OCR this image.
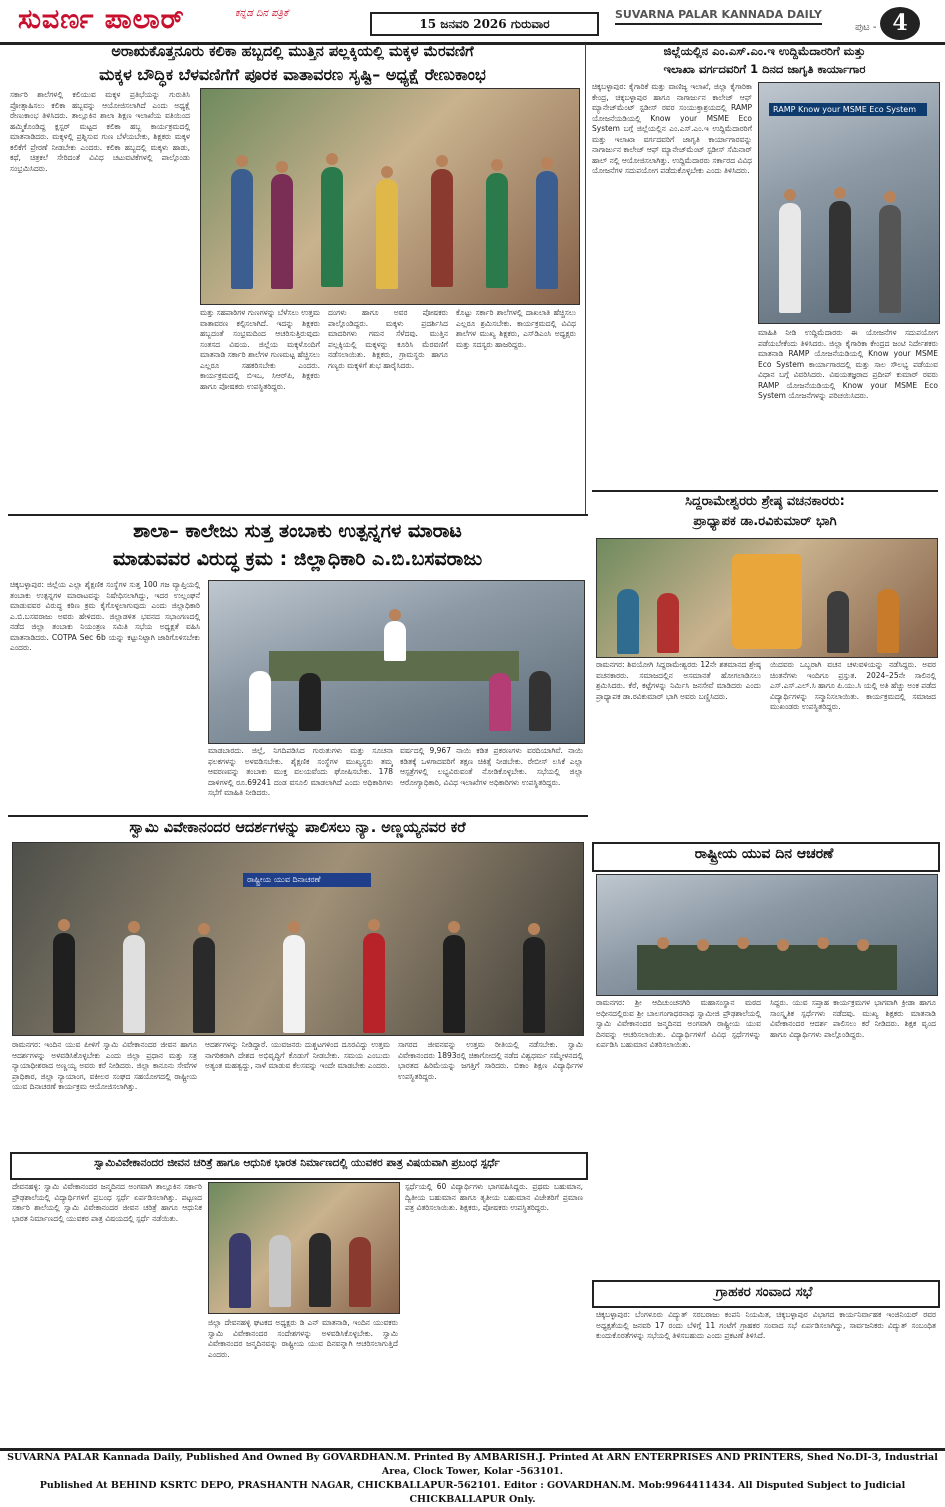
ಸುವರ್ಣ ಪಾಲಾರ್	ಕನ್ನಡ ದಿನ ಪತ್ರಿಕೆ
15 ಜನವರಿ 2026 ಗುರುವಾರ
SUVARNA PALAR KANNADA DAILY
ಪುಟ - 4
ಅರಾಋಕೊತ್ತನೂರು ಕಲಿಕಾ ಹಬ್ಬದಲ್ಲಿ ಮುತ್ತಿನ ಪಲ್ಲಕ್ಕಿಯಲ್ಲಿ ಮಕ್ಕಳ ಮೆರವಣಿಗೆ
ಮಕ್ಕಳ ಬೌದ್ಧಿಕ ಬೆಳವಣಿಗೆಗೆ ಪೂರಕ ವಾತಾವರಣ ಸೃಷ್ಟಿ– ಅಧ್ಯಕ್ಷೆ ರೇಣುಕಾಂಭ
ಸರ್ಕಾರಿ ಶಾಲೆಗಳಲ್ಲಿ ಕಲಿಯುವ ಮಕ್ಕಳ ಪ್ರತಿಭೆಯನ್ನು ಗುರುತಿಸಿ ಪ್ರೋತ್ಸಾಹಿಸಲು ಕಲಿಕಾ ಹಬ್ಬವನ್ನು ಆಯೋಜಿಸಲಾಗಿದೆ ಎಂದು ಅಧ್ಯಕ್ಷೆ ರೇಣುಕಾಂಭ ತಿಳಿಸಿದರು. ತಾಲ್ಲೂಕಿನ ಶಾಲಾ ಶಿಕ್ಷಣ ಇಲಾಖೆಯ ವತಿಯಿಂದ ಹಮ್ಮಿಕೊಂಡಿದ್ದ ಕ್ಲಸ್ಟರ್ ಮಟ್ಟದ ಕಲಿಕಾ ಹಬ್ಬ ಕಾರ್ಯಕ್ರಮದಲ್ಲಿ ಮಾತನಾಡಿದರು. ಮಕ್ಕಳಲ್ಲಿ ಪ್ರಶ್ನಿಸುವ ಗುಣ ಬೆಳೆಯಬೇಕು, ಶಿಕ್ಷಕರು ಮಕ್ಕಳ ಕಲಿಕೆಗೆ ಪ್ರೇರಣೆ ನೀಡಬೇಕು ಎಂದರು. ಕಲಿಕಾ ಹಬ್ಬದಲ್ಲಿ ಮಕ್ಕಳು ಹಾಡು, ಕಥೆ, ಚಿತ್ರಕಲೆ ಸೇರಿದಂತೆ ವಿವಿಧ ಚಟುವಟಿಕೆಗಳಲ್ಲಿ ಪಾಲ್ಗೊಂಡು ಸಂಭ್ರಮಿಸಿದರು.
ಮತ್ತು ಸಹಪಾಠಿಗಳ ಗುಣಗಳನ್ನು ಬೆಳೆಸಲು ಉತ್ತಮ ವಾತಾವರಣ ಕಲ್ಪಿಸಲಾಗಿದೆ. ಇದನ್ನು ಶಿಕ್ಷಕರು ಹಬ್ಬದಂತೆ ಸಂಭ್ರಮದಿಂದ ಆಚರಿಸುತ್ತಿರುವುದು ಸಂತಸದ ವಿಷಯ. ಜಿಲ್ಲೆಯ ಮಕ್ಕಳೊಂದಿಗೆ ಮಾತನಾಡಿ ಸರ್ಕಾರಿ ಶಾಲೆಗಳ ಗುಣಮಟ್ಟ ಹೆಚ್ಚಿಸಲು ಎಲ್ಲರೂ ಸಹಕರಿಸಬೇಕು ಎಂದರು. ಕಾರ್ಯಕ್ರಮದಲ್ಲಿ ಬಿಇಒ, ಸಿಆರ್‌ಪಿ, ಶಿಕ್ಷಕರು ಹಾಗೂ ಪೋಷಕರು ಉಪಸ್ಥಿತರಿದ್ದರು.
ದಂಗಳು ಹಾಗೂ ಅವರ ಪೋಷಕರು ಪಾಲ್ಗೊಂಡಿದ್ದರು. ಮಕ್ಕಳು ಪ್ರದರ್ಶಿಸಿದ ಮಾದರಿಗಳು ಗಮನ ಸೆಳೆದವು. ಮುತ್ತಿನ ಪಲ್ಲಕ್ಕಿಯಲ್ಲಿ ಮಕ್ಕಳನ್ನು ಕೂರಿಸಿ ಮೆರವಣಿಗೆ ನಡೆಸಲಾಯಿತು. ಶಿಕ್ಷಕರು, ಗ್ರಾಮಸ್ಥರು ಹಾಗೂ ಗಣ್ಯರು ಮಕ್ಕಳಿಗೆ ಶುಭ ಹಾರೈಸಿದರು.
ಕೊಟ್ಟು ಸರ್ಕಾರಿ ಶಾಲೆಗಳಲ್ಲಿ ದಾಖಲಾತಿ ಹೆಚ್ಚಿಸಲು ಎಲ್ಲರೂ ಶ್ರಮಿಸಬೇಕು. ಕಾರ್ಯಕ್ರಮದಲ್ಲಿ ವಿವಿಧ ಶಾಲೆಗಳ ಮುಖ್ಯ ಶಿಕ್ಷಕರು, ಎಸ್‌ಡಿಎಂಸಿ ಅಧ್ಯಕ್ಷರು ಮತ್ತು ಸದಸ್ಯರು ಹಾಜರಿದ್ದರು.
ಜಿಲ್ಲೆಯಲ್ಲಿನ ಎಂ.ಎಸ್.ಎಂ.ಇ ಉದ್ದಿಮೆದಾರರಿಗೆ ಮತ್ತು
ಇಲಾಖಾ ವರ್ಗದವರಿಗೆ 1 ದಿನದ ಜಾಗೃತಿ ಕಾರ್ಯಾಗಾರ
ಚಿಕ್ಕಬಳ್ಳಾಪುರ: ಕೈಗಾರಿಕೆ ಮತ್ತು ವಾಣಿಜ್ಯ ಇಲಾಖೆ, ಜಿಲ್ಲಾ ಕೈಗಾರಿಕಾ ಕೇಂದ್ರ, ಚಿಕ್ಕಬಳ್ಳಾಪುರ ಹಾಗೂ ನಾಗಾರ್ಜುನ ಕಾಲೇಜ್ ಆಫ್ ಮ್ಯಾನೇಜ್‌ಮೆಂಟ್ ಸ್ಟಡೀಸ್ ರವರ ಸಂಯುಕ್ತಾಶ್ರಯದಲ್ಲಿ RAMP ಯೋಜನೆಯಡಿಯಲ್ಲಿ Know your MSME Eco System ಬಗ್ಗೆ ಜಿಲ್ಲೆಯಲ್ಲಿನ ಎಂ.ಎಸ್.ಎಂ.ಇ ಉದ್ದಿಮೆದಾರರಿಗೆ ಮತ್ತು ಇಲಾಖಾ ವರ್ಗದವರಿಗೆ ಜಾಗೃತಿ ಕಾರ್ಯಾಗಾರವನ್ನು ನಾಗಾರ್ಜುನ ಕಾಲೇಜ್ ಆಫ್ ಮ್ಯಾನೇಜ್‌ಮೆಂಟ್ ಸ್ಟಡೀಸ್ ಸೆಮಿನಾರ್ ಹಾಲ್ ನಲ್ಲಿ ಆಯೋಜಿಸಲಾಗಿತ್ತು. ಉದ್ದಿಮೆದಾರರು ಸರ್ಕಾರದ ವಿವಿಧ ಯೋಜನೆಗಳ ಸದುಪಯೋಗ ಪಡೆದುಕೊಳ್ಳಬೇಕು ಎಂದು ತಿಳಿಸಿದರು.
RAMP Know your MSME Eco System
ಮಾಹಿತಿ ನೀಡಿ ಉದ್ದಿಮೆದಾರರು ಈ ಯೋಜನೆಗಳ ಸದುಪಯೋಗ ಪಡೆಯಬೇಕೆಂದು ತಿಳಿಸಿದರು. ಜಿಲ್ಲಾ ಕೈಗಾರಿಕಾ ಕೇಂದ್ರದ ಜಂಟಿ ನಿರ್ದೇಶಕರು ಮಾತನಾಡಿ RAMP ಯೋಜನೆಯಡಿಯಲ್ಲಿ Know your MSME Eco System ಕಾರ್ಯಾಗಾರದಲ್ಲಿ ಮತ್ತು ಸಾಲ ಸೌಲಭ್ಯ ಪಡೆಯುವ ವಿಧಾನ ಬಗ್ಗೆ ವಿವರಿಸಿದರು. ವಿಷಯತಜ್ಞರಾದ ಪ್ರದೀಪ್ ಕುಮಾರ್ ರವರು RAMP ಯೋಜನೆಯಡಿಯಲ್ಲಿ Know your MSME Eco System ಯೋಜನೆಗಳನ್ನು ಪರಿಚಯಿಸಿದರು.
ಶಾಲಾ– ಕಾಲೇಜು ಸುತ್ತ ತಂಬಾಕು ಉತ್ಪನ್ನಗಳ ಮಾರಾಟ
ಮಾಡುವವರ ವಿರುದ್ಧ ಕ್ರಮ : ಜಿಲ್ಲಾಧಿಕಾರಿ ಎ.ಬಿ.ಬಸವರಾಜು
ಚಿಕ್ಕಬಳ್ಳಾಪುರ: ಜಿಲ್ಲೆಯ ಎಲ್ಲಾ ಶೈಕ್ಷಣಿಕ ಸಂಸ್ಥೆಗಳ ಸುತ್ತ 100 ಗಜ ವ್ಯಾಪ್ತಿಯಲ್ಲಿ ತಂಬಾಕು ಉತ್ಪನ್ನಗಳ ಮಾರಾಟವನ್ನು ನಿಷೇಧಿಸಲಾಗಿದ್ದು, ಇದರ ಉಲ್ಲಂಘನೆ ಮಾಡುವವರ ವಿರುದ್ಧ ಕಠಿಣ ಕ್ರಮ ಕೈಗೊಳ್ಳಲಾಗುವುದು ಎಂದು ಜಿಲ್ಲಾಧಿಕಾರಿ ಎ.ಬಿ.ಬಸವರಾಜು ಅವರು ಹೇಳಿದರು. ಜಿಲ್ಲಾಡಳಿತ ಭವನದ ಸಭಾಂಗಣದಲ್ಲಿ ನಡೆದ ಜಿಲ್ಲಾ ತಂಬಾಕು ನಿಯಂತ್ರಣ ಸಮಿತಿ ಸಭೆಯ ಅಧ್ಯಕ್ಷತೆ ವಹಿಸಿ ಮಾತನಾಡಿದರು. COTPA Sec 6b ಯನ್ನು ಕಟ್ಟುನಿಟ್ಟಾಗಿ ಜಾರಿಗೊಳಿಸಬೇಕು ಎಂದರು.
ಮಾಡಬಾರದು. ಜಿಲ್ಲೆ, ನಿಗದಿಪಡಿಸಿದ ಗುರುತುಗಳು ಮತ್ತು ಸೂಚನಾ ಫಲಕಗಳನ್ನು ಅಳವಡಿಸಬೇಕು. ಶೈಕ್ಷಣಿಕ ಸಂಸ್ಥೆಗಳ ಮುಖ್ಯಸ್ಥರು ತಮ್ಮ ಆವರಣವನ್ನು ತಂಬಾಕು ಮುಕ್ತ ವಲಯವೆಂದು ಘೋಷಿಸಬೇಕು. 178 ದಾಳಿಗಳಲ್ಲಿ ರೂ.69241 ದಂಡ ವಸೂಲಿ ಮಾಡಲಾಗಿದೆ ಎಂದು ಅಧಿಕಾರಿಗಳು ಸಭೆಗೆ ಮಾಹಿತಿ ನೀಡಿದರು.
ವರ್ಷದಲ್ಲಿ 9,967 ನಾಯಿ ಕಡಿತ ಪ್ರಕರಣಗಳು ವರದಿಯಾಗಿವೆ. ನಾಯಿ ಕಡಿತಕ್ಕೆ ಒಳಗಾದವರಿಗೆ ತಕ್ಷಣ ಚಿಕಿತ್ಸೆ ನೀಡಬೇಕು. ರೇಬೀಸ್ ಲಸಿಕೆ ಎಲ್ಲಾ ಆಸ್ಪತ್ರೆಗಳಲ್ಲಿ ಲಭ್ಯವಿರುವಂತೆ ನೋಡಿಕೊಳ್ಳಬೇಕು. ಸಭೆಯಲ್ಲಿ ಜಿಲ್ಲಾ ಆರೋಗ್ಯಾಧಿಕಾರಿ, ವಿವಿಧ ಇಲಾಖೆಗಳ ಅಧಿಕಾರಿಗಳು ಉಪಸ್ಥಿತರಿದ್ದರು.
ಸಿದ್ದರಾಮೇಶ್ವರರು ಶ್ರೇಷ್ಠ ವಚನಕಾರರು:
ಪ್ರಾಧ್ಯಾಪಕ ಡಾ.ರವಿಕುಮಾರ್ ಭಾಗಿ
ರಾಮನಗರ: ಶಿವಯೋಗಿ ಸಿದ್ದರಾಮೇಶ್ವರರು 12ನೇ ಶತಮಾನದ ಶ್ರೇಷ್ಠ ವಚನಕಾರರು. ಸಮಾಜದಲ್ಲಿನ ಅಸಮಾನತೆ ಹೋಗಲಾಡಿಸಲು ಶ್ರಮಿಸಿದರು. ಕೆರೆ, ಕಟ್ಟೆಗಳನ್ನು ನಿರ್ಮಿಸಿ ಜನಸೇವೆ ಮಾಡಿದರು ಎಂದು ಪ್ರಾಧ್ಯಾಪಕ ಡಾ.ರವಿಕುಮಾರ್ ಭಾಗಿ ಅವರು ಬಣ್ಣಿಸಿದರು.
ಯಿದವರು ಒಬ್ಬರಾಗಿ ವಚನ ಚಳುವಳಿಯನ್ನು ನಡೆಸಿದ್ದರು. ಅವರ ಚಿಂತನೆಗಳು ಇಂದಿಗೂ ಪ್ರಸ್ತುತ. 2024–25ನೇ ಸಾಲಿನಲ್ಲಿ ಎಸ್.ಎಸ್.ಎಲ್.ಸಿ ಹಾಗೂ ಪಿ.ಯು.ಸಿ ಯಲ್ಲಿ ಅತಿ ಹೆಚ್ಚು ಅಂಕ ಪಡೆದ ವಿದ್ಯಾರ್ಥಿಗಳನ್ನು ಸನ್ಮಾನಿಸಲಾಯಿತು. ಕಾರ್ಯಕ್ರಮದಲ್ಲಿ ಸಮಾಜದ ಮುಖಂಡರು ಉಪಸ್ಥಿತರಿದ್ದರು.
ಸ್ವಾಮಿ ವಿವೇಕಾನಂದರ ಆದರ್ಶಗಳನ್ನು ಪಾಲಿಸಲು ನ್ಯಾ. ಅಣ್ಣಯ್ಯನವರ ಕರೆ
ರಾಷ್ಟ್ರೀಯ ಯುವ ದಿನಾಚರಣೆ
ರಾಮನಗರ: ಇಂದಿನ ಯುವ ಪೀಳಿಗೆ ಸ್ವಾಮಿ ವಿವೇಕಾನಂದರ ಜೀವನ ಹಾಗೂ ಆದರ್ಶಗಳನ್ನು ಅಳವಡಿಸಿಕೊಳ್ಳಬೇಕು ಎಂದು ಜಿಲ್ಲಾ ಪ್ರಧಾನ ಮತ್ತು ಸತ್ರ ನ್ಯಾಯಾಧೀಶರಾದ ಅಣ್ಣಯ್ಯ ಅವರು ಕರೆ ನೀಡಿದರು. ಜಿಲ್ಲಾ ಕಾನೂನು ಸೇವೆಗಳ ಪ್ರಾಧಿಕಾರ, ಜಿಲ್ಲಾ ನ್ಯಾಯಾಂಗ, ವಕೀಲರ ಸಂಘದ ಸಹಯೋಗದಲ್ಲಿ ರಾಷ್ಟ್ರೀಯ ಯುವ ದಿನಾಚರಣೆ ಕಾರ್ಯಕ್ರಮ ಆಯೋಜಿಸಲಾಗಿತ್ತು.
ಆದರ್ಶಗಳನ್ನು ನೀಡಿದ್ದಾರೆ. ಯುವಜನರು ದುಶ್ಚಟಗಳಿಂದ ದೂರವಿದ್ದು ಉತ್ತಮ ನಾಗರಿಕರಾಗಿ ದೇಶದ ಅಭಿವೃದ್ಧಿಗೆ ಕೊಡುಗೆ ನೀಡಬೇಕು. ಸಮಯ ಎಂಬುದು ಅತ್ಯಂತ ಮಹತ್ವದ್ದು, ನಾಳೆ ಮಾಡುವ ಕೆಲಸವನ್ನು ಇಂದೇ ಮಾಡಬೇಕು ಎಂದರು.
ಸಾಗರದ ಜೀವನವನ್ನು ಉತ್ತಮ ರೀತಿಯಲ್ಲಿ ನಡೆಸಬೇಕು. ಸ್ವಾಮಿ ವಿವೇಕಾನಂದರು 1893ರಲ್ಲಿ ಚಿಕಾಗೋದಲ್ಲಿ ನಡೆದ ವಿಶ್ವಧರ್ಮ ಸಮ್ಮೇಳನದಲ್ಲಿ ಭಾರತದ ಹಿರಿಮೆಯನ್ನು ಜಗತ್ತಿಗೆ ಸಾರಿದರು. ಬಿಕಾಂ ಶಿಕ್ಷಣ ವಿದ್ಯಾರ್ಥಿಗಳ ಉಪಸ್ಥಿತರಿದ್ದರು.
ಸ್ವಾಮಿವಿವೇಕಾನಂದರ ಜೀವನ ಚರಿತ್ರೆ ಹಾಗೂ ಆಧುನಿಕ ಭಾರತ ನಿರ್ಮಾಣದಲ್ಲಿ ಯುವಕರ ಪಾತ್ರ ವಿಷಯವಾಗಿ ಪ್ರಬಂಧ ಸ್ಪರ್ಧೆ
ದೇವನಹಳ್ಳಿ: ಸ್ವಾಮಿ ವಿವೇಕಾನಂದರ ಜನ್ಮದಿನದ ಅಂಗವಾಗಿ ತಾಲ್ಲೂಕಿನ ಸರ್ಕಾರಿ ಪ್ರೌಢಶಾಲೆಯಲ್ಲಿ ವಿದ್ಯಾರ್ಥಿಗಳಿಗೆ ಪ್ರಬಂಧ ಸ್ಪರ್ಧೆ ಏರ್ಪಡಿಸಲಾಗಿತ್ತು. ಪಟ್ಟಣದ ಸರ್ಕಾರಿ ಶಾಲೆಯಲ್ಲಿ ಸ್ವಾಮಿ ವಿವೇಕಾನಂದರ ಜೀವನ ಚರಿತ್ರೆ ಹಾಗೂ ಆಧುನಿಕ ಭಾರತ ನಿರ್ಮಾಣದಲ್ಲಿ ಯುವಕರ ಪಾತ್ರ ವಿಷಯದಲ್ಲಿ ಸ್ಪರ್ಧೆ ನಡೆಯಿತು.
ಜಿಲ್ಲಾ ದೇವನಹಳ್ಳಿ ಘಟಕದ ಅಧ್ಯಕ್ಷರು ಡಿ ಎನ್ ಮಾತನಾಡಿ, ಇಂದಿನ ಯುವಕರು ಸ್ವಾಮಿ ವಿವೇಕಾನಂದರ ಸಂದೇಶಗಳನ್ನು ಅಳವಡಿಸಿಕೊಳ್ಳಬೇಕು. ಸ್ವಾಮಿ ವಿವೇಕಾನಂದರ ಜನ್ಮದಿನವನ್ನು ರಾಷ್ಟ್ರೀಯ ಯುವ ದಿನವನ್ನಾಗಿ ಆಚರಿಸಲಾಗುತ್ತಿದೆ ಎಂದರು.
ಸ್ಪರ್ಧೆಯಲ್ಲಿ 60 ವಿದ್ಯಾರ್ಥಿಗಳು ಭಾಗವಹಿಸಿದ್ದರು. ಪ್ರಥಮ ಬಹುಮಾನ, ದ್ವಿತೀಯ ಬಹುಮಾನ ಹಾಗೂ ತೃತೀಯ ಬಹುಮಾನ ವಿಜೇತರಿಗೆ ಪ್ರಮಾಣ ಪತ್ರ ವಿತರಿಸಲಾಯಿತು. ಶಿಕ್ಷಕರು, ಪೋಷಕರು ಉಪಸ್ಥಿತರಿದ್ದರು.
ರಾಷ್ಟ್ರೀಯ ಯುವ ದಿನ ಆಚರಣೆ
ರಾಮನಗರ: ಶ್ರೀ ಆದಿಚುಂಚನಗಿರಿ ಮಹಾಸಂಸ್ಥಾನ ಮಠದ ಅಧೀನದಲ್ಲಿರುವ ಶ್ರೀ ಬಾಲಗಂಗಾಧರನಾಥ ಸ್ವಾಮೀಜಿ ಪ್ರೌಢಶಾಲೆಯಲ್ಲಿ ಸ್ವಾಮಿ ವಿವೇಕಾನಂದರ ಜನ್ಮದಿನದ ಅಂಗವಾಗಿ ರಾಷ್ಟ್ರೀಯ ಯುವ ದಿನವನ್ನು ಆಚರಿಸಲಾಯಿತು. ವಿದ್ಯಾರ್ಥಿಗಳಿಗೆ ವಿವಿಧ ಸ್ಪರ್ಧೆಗಳನ್ನು ಏರ್ಪಡಿಸಿ ಬಹುಮಾನ ವಿತರಿಸಲಾಯಿತು.
ಸಿದ್ದರು. ಯುವ ಸಪ್ತಾಹ ಕಾರ್ಯಕ್ರಮಗಳ ಭಾಗವಾಗಿ ಕ್ರೀಡಾ ಹಾಗೂ ಸಾಂಸ್ಕೃತಿಕ ಸ್ಪರ್ಧೆಗಳು ನಡೆದವು. ಮುಖ್ಯ ಶಿಕ್ಷಕರು ಮಾತನಾಡಿ ವಿವೇಕಾನಂದರ ಆದರ್ಶ ಪಾಲಿಸಲು ಕರೆ ನೀಡಿದರು. ಶಿಕ್ಷಕ ವೃಂದ ಹಾಗೂ ವಿದ್ಯಾರ್ಥಿಗಳು ಪಾಲ್ಗೊಂಡಿದ್ದರು.
ಗ್ರಾಹಕರ ಸಂವಾದ ಸಭೆ
ಚಿಕ್ಕಬಳ್ಳಾಪುರ: ಬೆಂಗಳೂರು ವಿದ್ಯುತ್ ಸರಬರಾಜು ಕಂಪನಿ ನಿಯಮಿತ, ಚಿಕ್ಕಬಳ್ಳಾಪುರ ವಿಭಾಗದ ಕಾರ್ಯನಿರ್ವಾಹಕ ಇಂಜಿನಿಯರ್ ರವರ ಅಧ್ಯಕ್ಷತೆಯಲ್ಲಿ ಜನವರಿ 17 ರಂದು ಬೆಳಿಗ್ಗೆ 11 ಗಂಟೆಗೆ ಗ್ರಾಹಕರ ಸಂವಾದ ಸಭೆ ಏರ್ಪಡಿಸಲಾಗಿದ್ದು, ಸಾರ್ವಜನಿಕರು ವಿದ್ಯುತ್ ಸಂಬಂಧಿತ ಕುಂದುಕೊರತೆಗಳನ್ನು ಸಭೆಯಲ್ಲಿ ತಿಳಿಸಬಹುದು ಎಂದು ಪ್ರಕಟಣೆ ತಿಳಿಸಿದೆ.
SUVARNA PALAR Kannada Daily, Published And Owned By GOVARDHAN.M. Printed By AMBARISH.J. Printed At ARN ENTERPRISES AND PRINTERS, Shed No.DI-3, Industrial Area, Clock Tower, Kolar -563101.
Published At BEHIND KSRTC DEPO, PRASHANTH NAGAR, CHICKBALLAPUR-562101. Editor : GOVARDHAN.M. Mob:9964411434. All Disputed Subject to Judicial CHICKBALLAPUR Only.
